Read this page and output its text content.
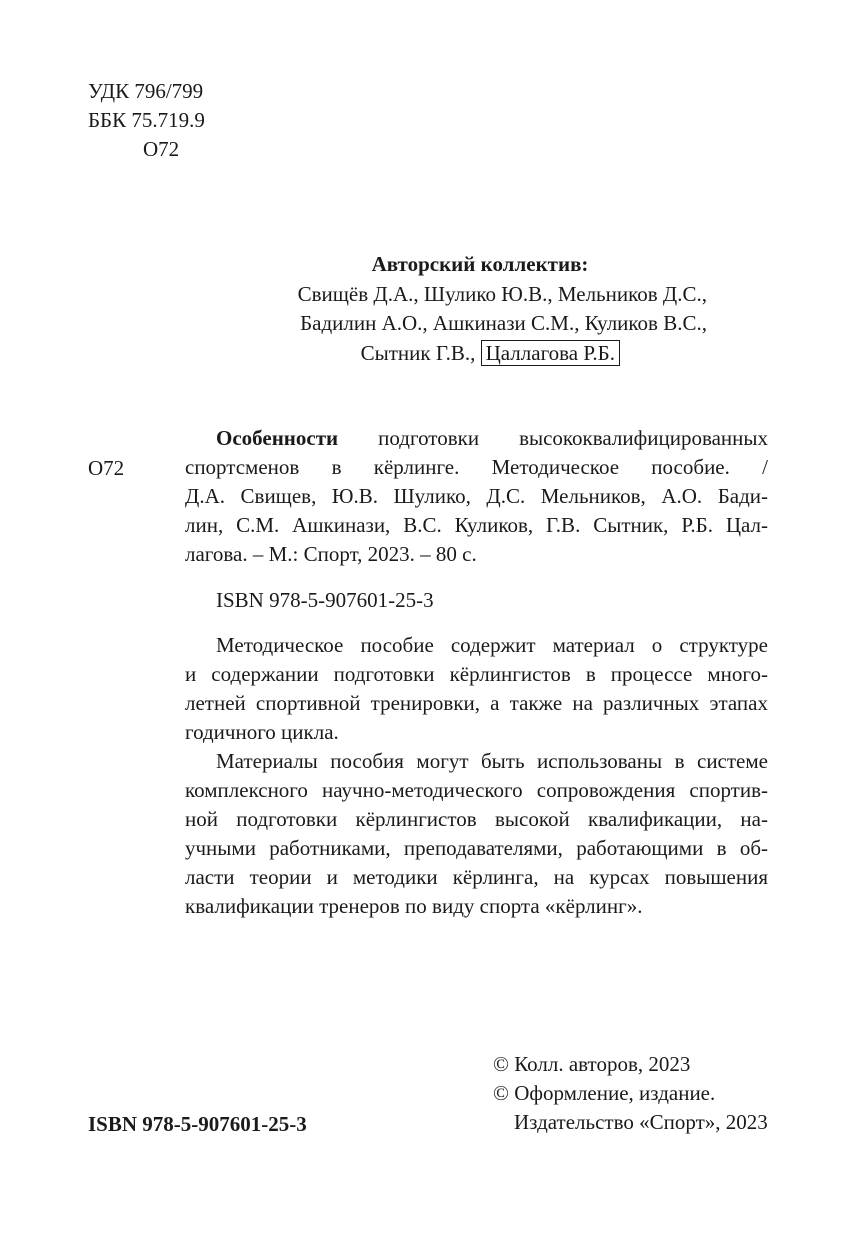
УДК 796/799
ББК 75.719.9
О72
Авторский коллектив:
Свищёв Д.А., Шулико Ю.В., Мельников Д.С.,
Бадилин А.О., Ашкинази С.М., Куликов В.С.,
Сытник Г.В., Цаллагова Р.Б.
О72
Особенности подготовки высококвалифицированных
спортсменов в кёрлинге. Методическое пособие. /
Д.А. Свищев, Ю.В. Шулико, Д.С. Мельников, А.О. Бади-
лин, С.М. Ашкинази, В.С. Куликов, Г.В. Сытник, Р.Б. Цал-
лагова. – М.: Спорт, 2023. – 80 с.
ISBN 978-5-907601-25-3
Методическое пособие содержит материал о структуре
и содержании подготовки кёрлингистов в процессе много-
летней спортивной тренировки, а также на различных этапах
годичного цикла.
Материалы пособия могут быть использованы в системе
комплексного научно-методического сопровождения спортив-
ной подготовки кёрлингистов высокой квалификации, на-
учными работниками, преподавателями, работающими в об-
ласти теории и методики кёрлинга, на курсах повышения
квалификации тренеров по виду спорта «кёрлинг».
© Колл. авторов, 2023
© Оформление, издание.
Издательство «Спорт», 2023
ISBN 978-5-907601-25-3
